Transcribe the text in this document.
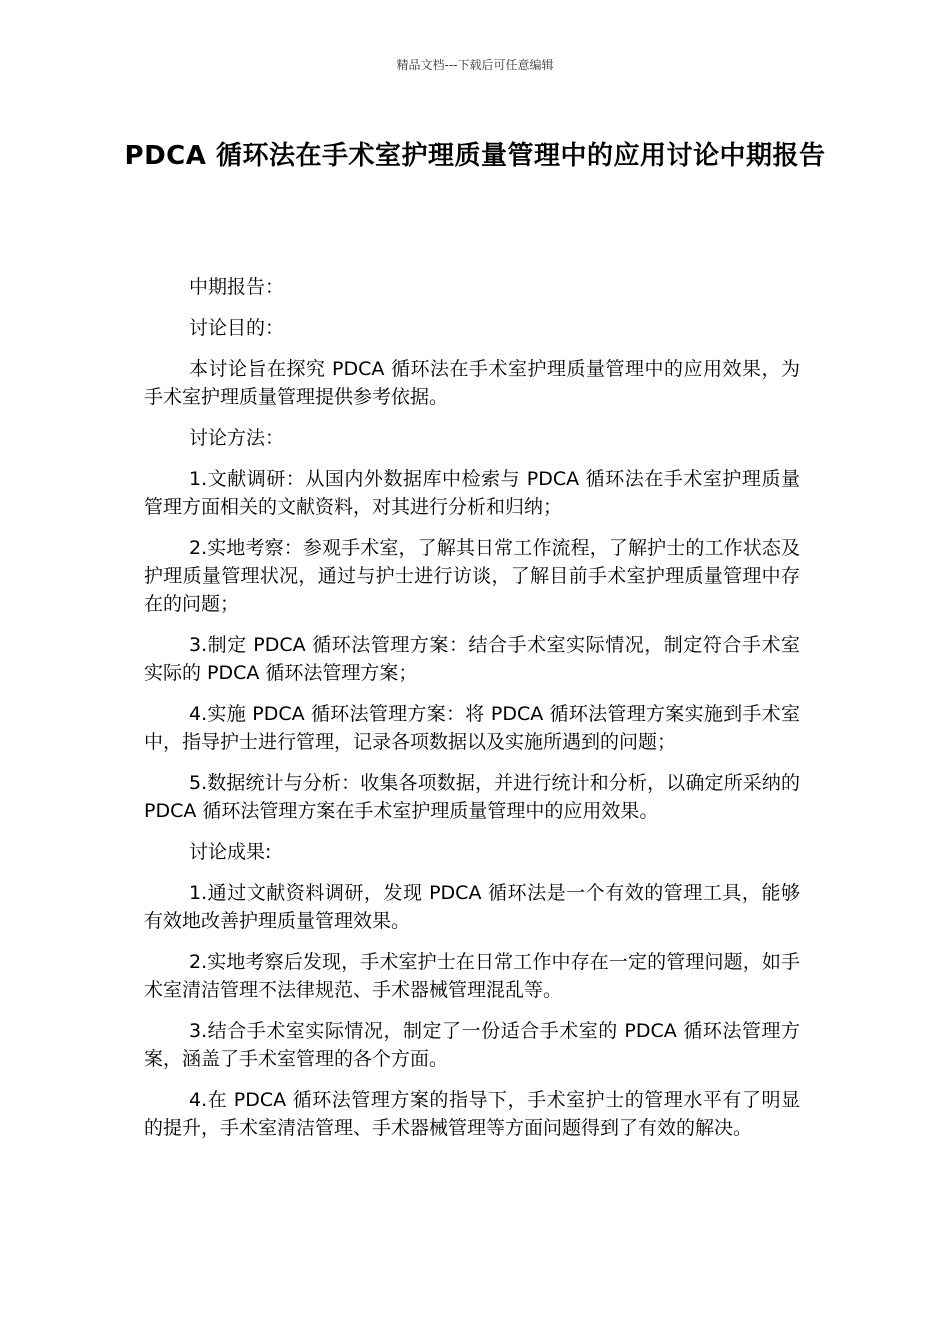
精品文档---下载后可任意编辑
PDCA 循环法在手术室护理质量管理中的应用讨论中期报告

中期报告：

讨论目的：

本讨论旨在探究 PDCA 循环法在手术室护理质量管理中的应用效果，为手术室护理质量管理提供参考依据。

讨论方法：

1.文献调研：从国内外数据库中检索与 PDCA 循环法在手术室护理质量管理方面相关的文献资料，对其进行分析和归纳；

2.实地考察：参观手术室，了解其日常工作流程，了解护士的工作状态及护理质量管理状况，通过与护士进行访谈，了解目前手术室护理质量管理中存在的问题；

3.制定 PDCA 循环法管理方案：结合手术室实际情况，制定符合手术室实际的 PDCA 循环法管理方案；

4.实施 PDCA 循环法管理方案：将 PDCA 循环法管理方案实施到手术室中，指导护士进行管理，记录各项数据以及实施所遇到的问题；

5.数据统计与分析：收集各项数据，并进行统计和分析，以确定所采纳的 PDCA 循环法管理方案在手术室护理质量管理中的应用效果。

讨论成果:

1.通过文献资料调研，发现 PDCA 循环法是一个有效的管理工具，能够有效地改善护理质量管理效果。

2.实地考察后发现，手术室护士在日常工作中存在一定的管理问题，如手术室清洁管理不法律规范、手术器械管理混乱等。

3.结合手术室实际情况，制定了一份适合手术室的 PDCA 循环法管理方案，涵盖了手术室管理的各个方面。

4.在 PDCA 循环法管理方案的指导下，手术室护士的管理水平有了明显的提升，手术室清洁管理、手术器械管理等方面问题得到了有效的解决。
